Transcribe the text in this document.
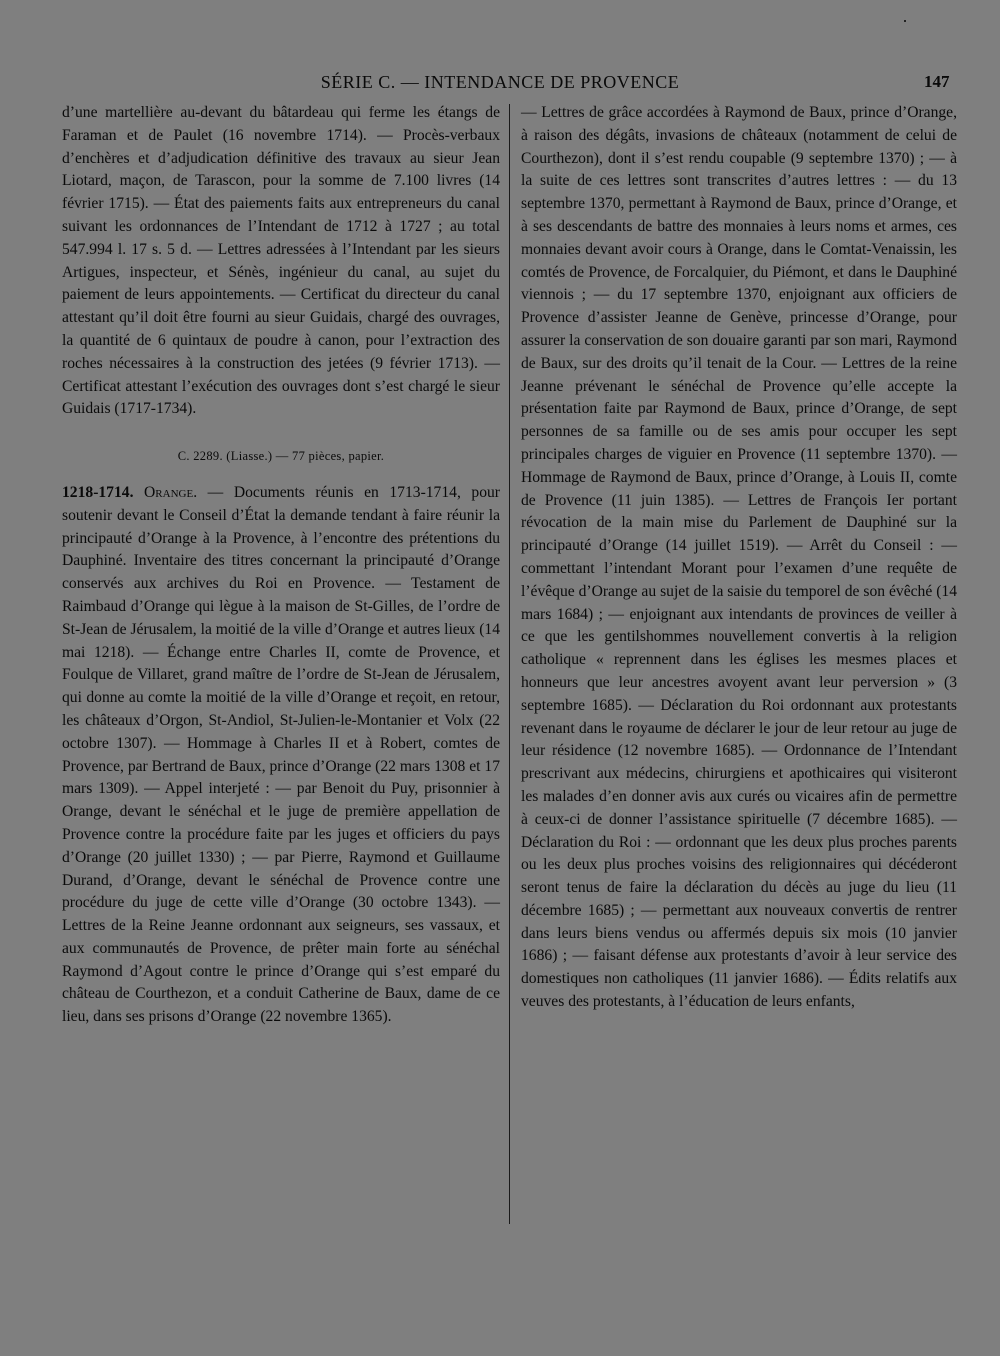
SÉRIE C. — INTENDANCE DE PROVENCE	147

d’une martellière au-devant du bâtardeau qui ferme les étangs de Faraman et de Paulet (16 novembre 1714). — Procès-verbaux d’enchères et d’adjudication définitive des travaux au sieur Jean Liotard, maçon, de Tarascon, pour la somme de 7.100 livres (14 février 1715). — État des paiements faits aux entrepreneurs du canal suivant les ordonnances de l’Intendant de 1712 à 1727 ; au total 547.994 l. 17 s. 5 d. — Lettres adressées à l’Intendant par les sieurs Artigues, inspecteur, et Sénès, ingénieur du canal, au sujet du paiement de leurs appointements. — Certificat du directeur du canal attestant qu’il doit être fourni au sieur Guidais, chargé des ouvrages, la quantité de 6 quintaux de poudre à canon, pour l’extraction des roches nécessaires à la construction des jetées (9 février 1713). — Certificat attestant l’exécution des ouvrages dont s’est chargé le sieur Guidais (1717-1734).

C. 2289. (Liasse.) — 77 pièces, papier.

1218-1714. Orange. — Documents réunis en 1713-1714, pour soutenir devant le Conseil d’État la demande tendant à faire réunir la principauté d’Orange à la Provence, à l’encontre des prétentions du Dauphiné. Inventaire des titres concernant la principauté d’Orange conservés aux archives du Roi en Provence. — Testament de Raimbaud d’Orange qui lègue à la maison de St-Gilles, de l’ordre de St-Jean de Jérusalem, la moitié de la ville d’Orange et autres lieux (14 mai 1218). — Échange entre Charles II, comte de Provence, et Foulque de Villaret, grand maître de l’ordre de St-Jean de Jérusalem, qui donne au comte la moitié de la ville d’Orange et reçoit, en retour, les châteaux d’Orgon, St-Andiol, St-Julien-le-Montanier et Volx (22 octobre 1307). — Hommage à Charles II et à Robert, comtes de Provence, par Bertrand de Baux, prince d’Orange (22 mars 1308 et 17 mars 1309). — Appel interjeté : — par Benoit du Puy, prisonnier à Orange, devant le sénéchal et le juge de première appellation de Provence contre la procédure faite par les juges et officiers du pays d’Orange (20 juillet 1330) ; — par Pierre, Raymond et Guillaume Durand, d’Orange, devant le sénéchal de Provence contre une procédure du juge de cette ville d’Orange (30 octobre 1343). — Lettres de la Reine Jeanne ordonnant aux seigneurs, ses vassaux, et aux communautés de Provence, de prêter main forte au sénéchal Raymond d’Agout contre le prince d’Orange qui s’est emparé du château de Courthezon, et a conduit Catherine de Baux, dame de ce lieu, dans ses prisons d’Orange (22 novembre 1365).

— Lettres de grâce accordées à Raymond de Baux, prince d’Orange, à raison des dégâts, invasions de châteaux (notamment de celui de Courthezon), dont il s’est rendu coupable (9 septembre 1370) ; — à la suite de ces lettres sont transcrites d’autres lettres : — du 13 septembre 1370, permettant à Raymond de Baux, prince d’Orange, et à ses descendants de battre des monnaies à leurs noms et armes, ces monnaies devant avoir cours à Orange, dans le Comtat-Venaissin, les comtés de Provence, de Forcalquier, du Piémont, et dans le Dauphiné viennois ; — du 17 septembre 1370, enjoignant aux officiers de Provence d’assister Jeanne de Genève, princesse d’Orange, pour assurer la conservation de son douaire garanti par son mari, Raymond de Baux, sur des droits qu’il tenait de la Cour. — Lettres de la reine Jeanne prévenant le sénéchal de Provence qu’elle accepte la présentation faite par Raymond de Baux, prince d’Orange, de sept personnes de sa famille ou de ses amis pour occuper les sept principales charges de viguier en Provence (11 septembre 1370). — Hommage de Raymond de Baux, prince d’Orange, à Louis II, comte de Provence (11 juin 1385). — Lettres de François Ier portant révocation de la main mise du Parlement de Dauphiné sur la principauté d’Orange (14 juillet 1519). — Arrêt du Conseil : — commettant l’intendant Morant pour l’examen d’une requête de l’évêque d’Orange au sujet de la saisie du temporel de son évêché (14 mars 1684) ; — enjoignant aux intendants de provinces de veiller à ce que les gentilshommes nouvellement convertis à la religion catholique « reprennent dans les églises les mesmes places et honneurs que leur ancestres avoyent avant leur perversion » (3 septembre 1685). — Déclaration du Roi ordonnant aux protestants revenant dans le royaume de déclarer le jour de leur retour au juge de leur résidence (12 novembre 1685). — Ordonnance de l’Intendant prescrivant aux médecins, chirurgiens et apothicaires qui visiteront les malades d’en donner avis aux curés ou vicaires afin de permettre à ceux-ci de donner l’assistance spirituelle (7 décembre 1685). — Déclaration du Roi : — ordonnant que les deux plus proches parents ou les deux plus proches voisins des religionnaires qui décéderont seront tenus de faire la déclaration du décès au juge du lieu (11 décembre 1685) ; — permettant aux nouveaux convertis de rentrer dans leurs biens vendus ou affermés depuis six mois (10 janvier 1686) ; — faisant défense aux protestants d’avoir à leur service des domestiques non catholiques (11 janvier 1686). — Édits relatifs aux veuves des protestants, à l’éducation de leurs enfants,
